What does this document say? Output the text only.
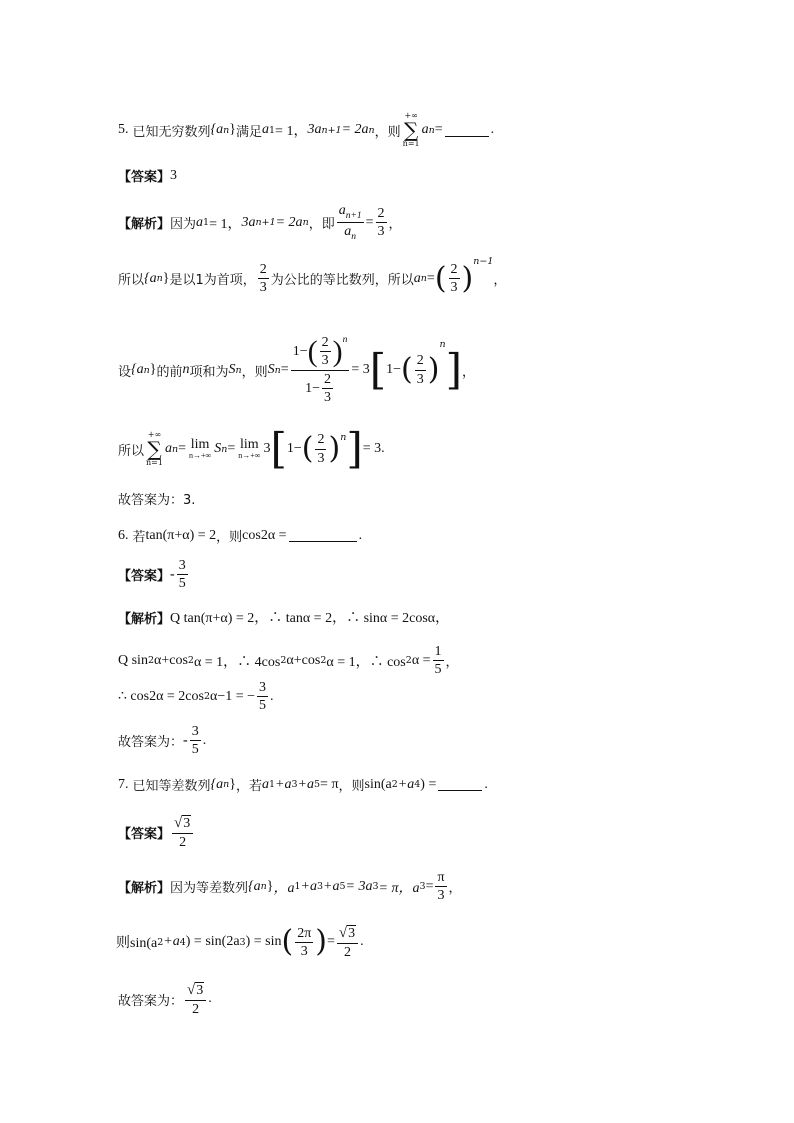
5. 已知无穷数列 {a n } 满足 a 1 = 1， 3a n+1 = 2a n ，则
+∞
∑
n=1
a n =	.
【答案】 3
【解析】 因为 a 1 = 1， 3a n+1 = 2a n ，即 $\frac{a_{n+1}}{a_n} = \frac{2}{3}$ ，
所以 {a n } 是以1为首项， $\frac{2}{3}$ 为公比的等比数列，所以 a n = ( $\frac{2}{3}$ ) n−1
，
设 {a n } 的前 n 项和为 S n ，则 S $n = \frac{1- ( \frac{2}{3} ) n}{1- \frac{2}{3}} = 3$ [ 1− ( $\frac{2}{3}$ )
n
] ，
所以
+∞
∑
n=1
a n = lim
n→+∞ S n = lim
n→+∞ 3 [ 1− ( $\frac{2}{3}$ ) n ] = 3.
故答案为：3.
6. 若 tan(π+α) = 2 ，则 cos2α =	.
【答案】 - $\frac{3}{5}$
【解析】 Q tan(π+α) = 2，∴ tanα = 2，∴ sinα = 2cosα，
Q sin 2 α+cos 2 α = 1，∴ 4cos 2 α+cos 2 α = 1，∴ cos 2 $\alpha = \frac{1}{5}$ ，
∴ cos2α = 2cos 2 α−1 = − $\frac{3}{5}$ .
故答案为： - $\frac{3}{5}$ .
7. 已知等差数列 {a n } ，若 a 1 +a 3 +a 5 = π ，则 sin(a 2 +a 4 ) =	.
【答案】 $\frac{√ 3}{2}$
【解析】 因为等差数列 {a n } ，a 1 +a 3 +a 5 = 3a 3 = π，a $3 = \frac{\pi}{3}$ ，
则sin(a 2 +a 4 ) = sin(2a 3 ) = sin ( $\frac{2\pi}{3}$ ) = $\frac{√ 3}{2}$ .
故答案为： $\frac{√ 3}{2}$ .
